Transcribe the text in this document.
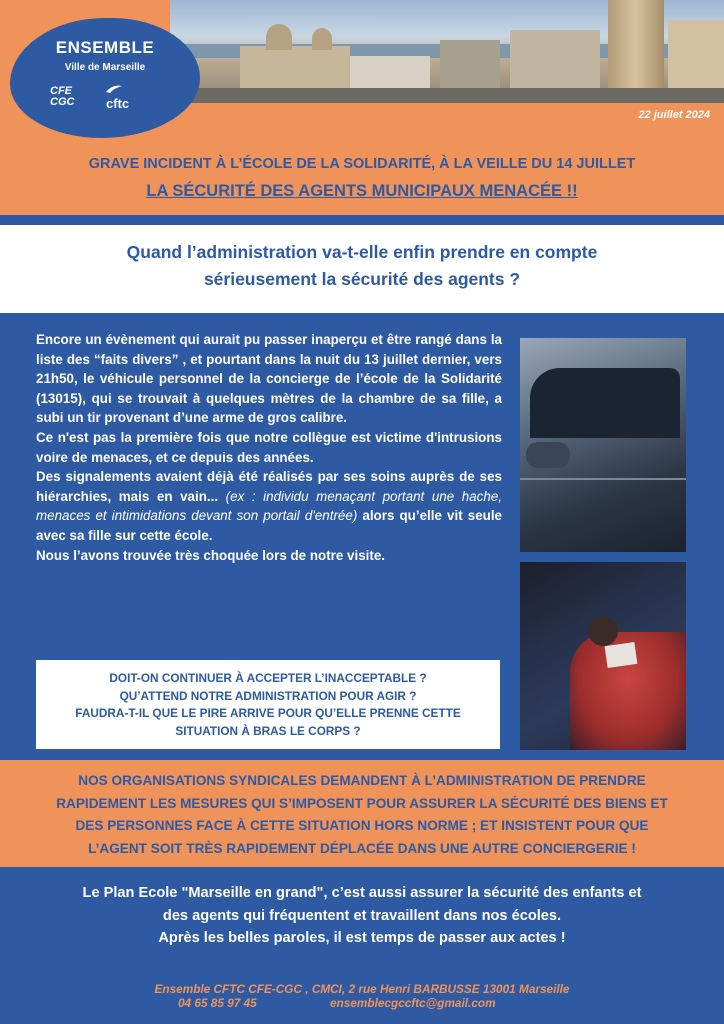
ENSEMBLE
Ville de Marseille
CFE CGC	cftc
22 juillet 2024
GRAVE INCIDENT À L’ÉCOLE DE LA SOLIDARITÉ, À LA VEILLE DU 14 JUILLET
LA SÉCURITÉ DES AGENTS MUNICIPAUX MENACÉE !!

Quand l’administration va-t-elle enfin prendre en compte
sérieusement la sécurité des agents ?

Encore un évènement qui aurait pu passer inaperçu et être rangé dans la liste des “faits divers” , et pourtant dans la nuit du 13 juillet dernier, vers 21h50, le véhicule personnel de la concierge de l’école de la Solidarité (13015), qui se trouvait à quelques mètres de la chambre de sa fille, a subi un tir provenant d’une arme de gros calibre.

Ce n'est pas la première fois que notre collègue est victime d'intrusions voire de menaces, et ce depuis des années.

Des signalements avaient déjà été réalisés par ses soins auprès de ses hiérarchies, mais en vain... (ex : individu menaçant portant une hache, menaces et intimidations devant son portail d'entrée) alors qu’elle vit seule avec sa fille sur cette école.

Nous l’avons trouvée très choquée lors de notre visite.

DOIT-ON CONTINUER À ACCEPTER L’INACCEPTABLE ?

QU’ATTEND NOTRE ADMINISTRATION POUR AGIR ?

FAUDRA-T-IL QUE LE PIRE ARRIVE POUR QU’ELLE PRENNE CETTE

SITUATION À BRAS LE CORPS ?

NOS ORGANISATIONS SYNDICALES DEMANDENT À L’ADMINISTRATION DE PRENDRE
RAPIDEMENT LES MESURES QUI S’IMPOSENT POUR ASSURER LA SÉCURITÉ DES BIENS ET
DES PERSONNES FACE À CETTE SITUATION HORS NORME ; ET INSISTENT POUR QUE
L’AGENT SOIT TRÈS RAPIDEMENT DÉPLACÉE DANS UNE AUTRE CONCIERGERIE !

Le Plan Ecole "Marseille en grand", c’est aussi assurer la sécurité des enfants et
des agents qui fréquentent et travaillent dans nos écoles.
Après les belles paroles, il est temps de passer aux actes !
Ensemble CFTC CFE-CGC , CMCI, 2 rue Henri BARBUSSE 13001 Marseille
04 65 85 97 45	ensemblecgccftc@gmail.com
